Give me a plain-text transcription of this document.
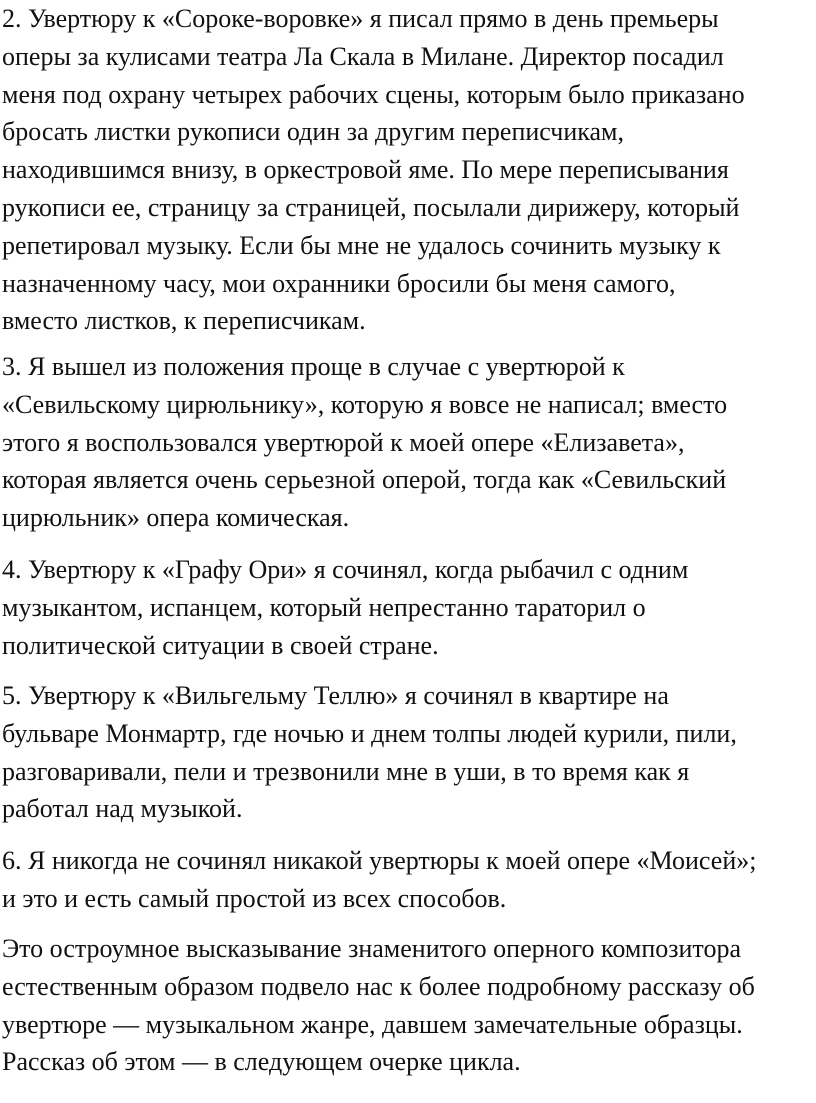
2. Увертюру к «Сороке-воровке» я писал прямо в день премьеры
оперы за кулисами театра Ла Скала в Милане. Директор посадил
меня под охрану четырех рабочих сцены, которым было приказано
бросать листки рукописи один за другим переписчикам,
находившимся внизу, в оркестровой яме. По мере переписывания
рукописи ее, страницу за страницей, посылали дирижеру, который
репетировал музыку. Если бы мне не удалось сочинить музыку к
назначенному часу, мои охранники бросили бы меня самого,
вместо листков, к переписчикам.

3. Я вышел из положения проще в случае с увертюрой к
«Севильскому цирюльнику», которую я вовсе не написал; вместо
этого я воспользовался увертюрой к моей опере «Елизавета»,
которая является очень серьезной оперой, тогда как «Севильский
цирюльник» опера комическая.

4. Увертюру к «Графу Ори» я сочинял, когда рыбачил с одним
музыкантом, испанцем, который непрестанно тараторил о
политической ситуации в своей стране.

5. Увертюру к «Вильгельму Теллю» я сочинял в квартире на
бульваре Монмартр, где ночью и днем толпы людей курили, пили,
разговаривали, пели и трезвонили мне в уши, в то время как я
работал над музыкой.

6. Я никогда не сочинял никакой увертюры к моей опере «Моисей»;
и это и есть самый простой из всех способов.

Это остроумное высказывание знаменитого оперного композитора
естественным образом подвело нас к более подробному рассказу об
увертюре — музыкальном жанре, давшем замечательные образцы.
Рассказ об этом — в следующем очерке цикла.
